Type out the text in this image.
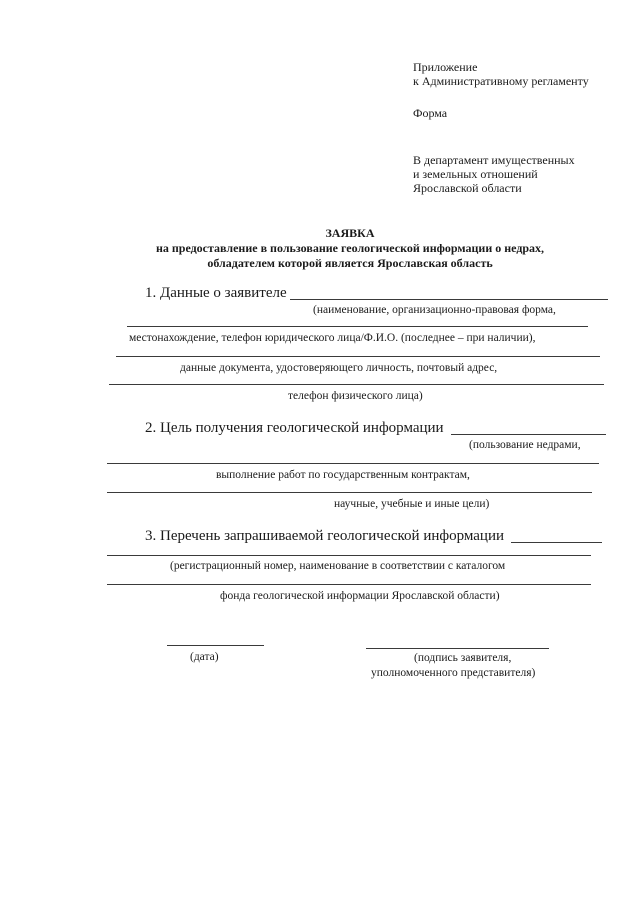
Приложение
к Административному регламенту
Форма
В департамент имущественных
и земельных отношений
Ярославской области
ЗАЯВКА
на предоставление в пользование геологической информации о недрах,
обладателем которой является Ярославская область
1. Данные о заявителе
(наименование, организационно-правовая форма,
местонахождение, телефон юридического лица/Ф.И.О. (последнее – при наличии),
данные документа, удостоверяющего личность, почтовый адрес,
телефон физического лица)
2. Цель получения геологической информации
(пользование недрами,
выполнение работ по государственным контрактам,
научные, учебные и иные цели)
3. Перечень запрашиваемой геологической информации
(регистрационный номер, наименование в соответствии с каталогом
фонда геологической информации Ярославской области)
(дата)	(подпись заявителя,
уполномоченного представителя)
